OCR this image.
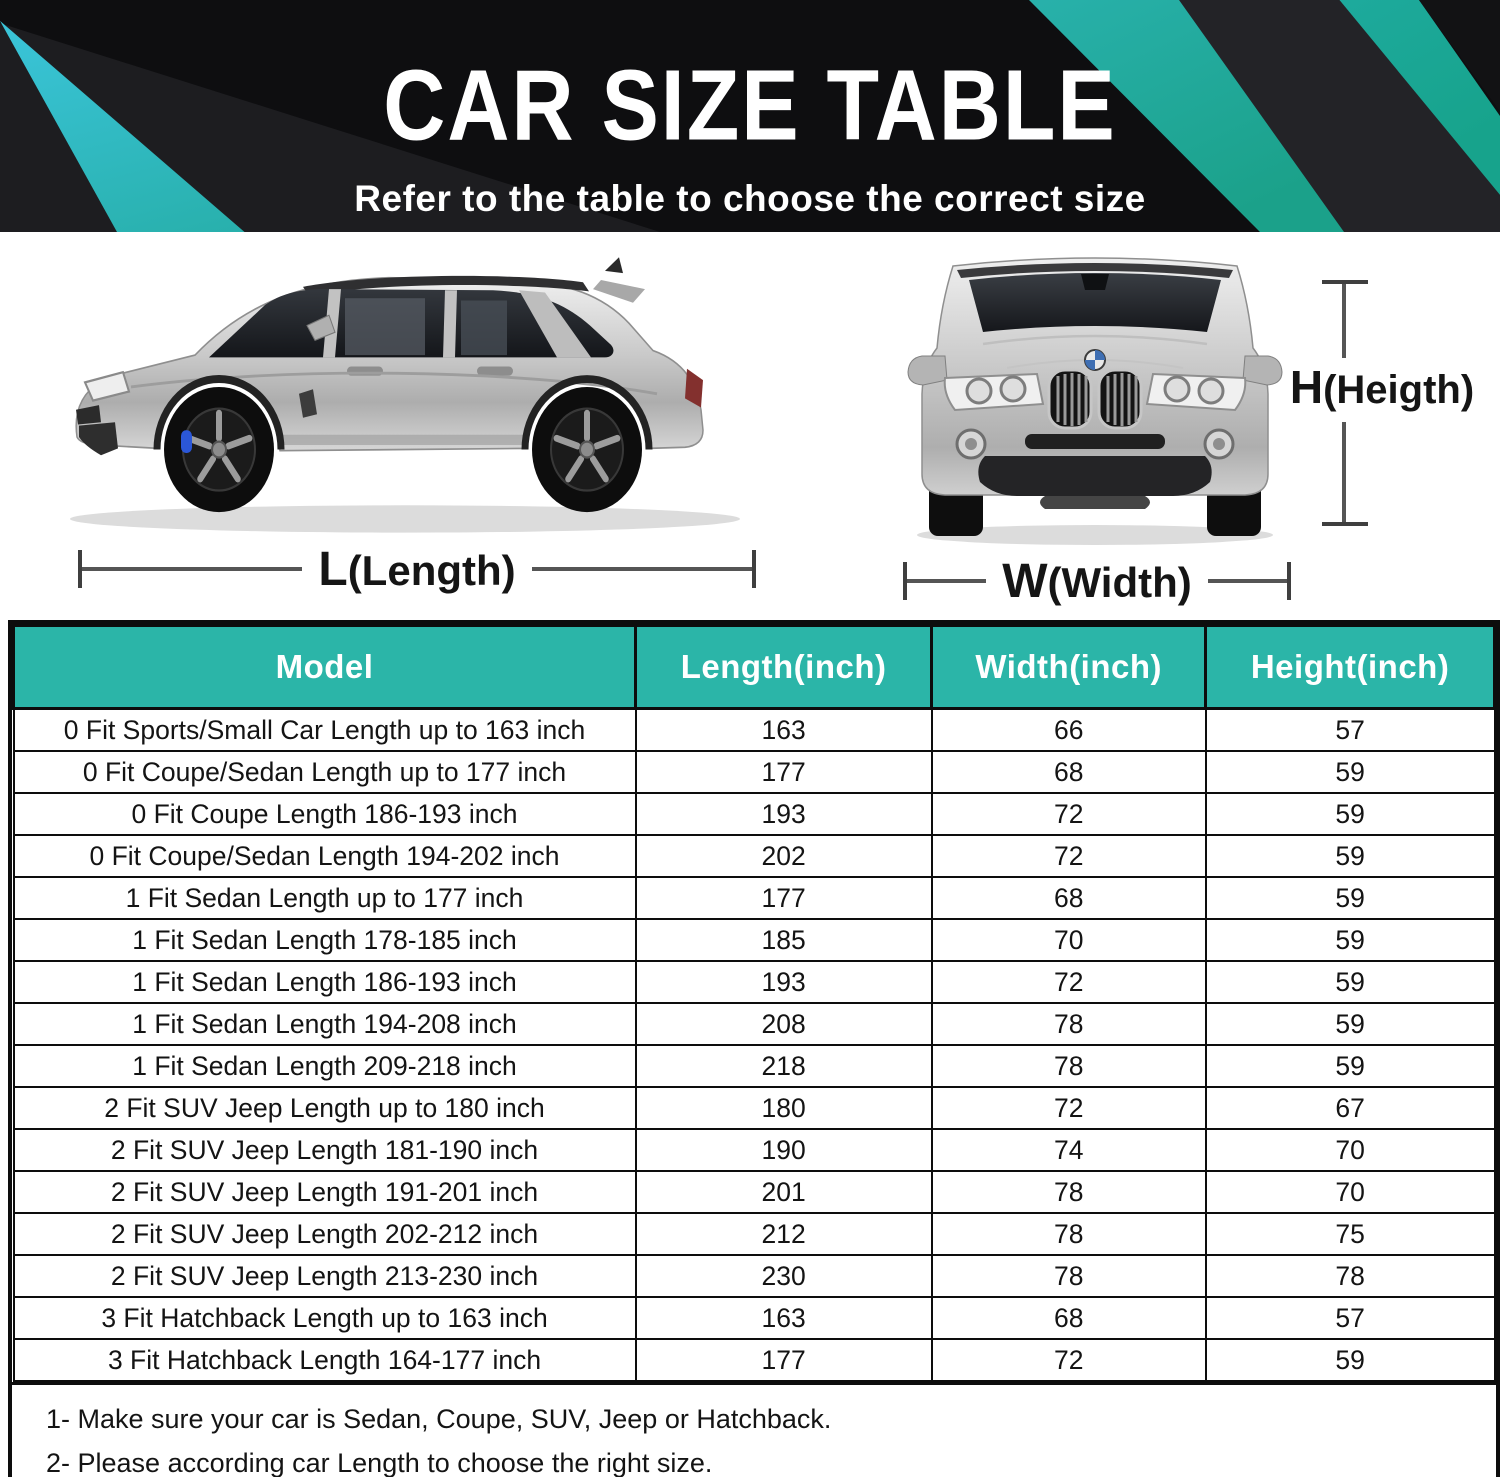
CAR SIZE TABLE
Refer to the table to choose the correct size
L(Length)	W(Width)
H(Heigth)
Model	Length(inch)	Width(inch)	Height(inch)
0 Fit Sports/Small Car Length up to 163 inch	163	66	57
0 Fit Coupe/Sedan Length up to 177 inch	177	68	59
0 Fit Coupe Length 186-193 inch	193	72	59
0 Fit Coupe/Sedan Length 194-202 inch	202	72	59
1 Fit Sedan Length up to 177 inch	177	68	59
1 Fit Sedan Length 178-185 inch	185	70	59
1 Fit Sedan Length 186-193 inch	193	72	59
1 Fit Sedan Length 194-208 inch	208	78	59
1 Fit Sedan Length 209-218 inch	218	78	59
2 Fit SUV Jeep Length up to 180 inch	180	72	67
2 Fit SUV Jeep Length 181-190 inch	190	74	70
2 Fit SUV Jeep Length 191-201 inch	201	78	70
2 Fit SUV Jeep Length 202-212 inch	212	78	75
2 Fit SUV Jeep Length 213-230 inch	230	78	78
3 Fit Hatchback Length up to 163 inch	163	68	57
3 Fit Hatchback Length 164-177 inch	177	72	59

1- Make sure your car is Sedan, Coupe, SUV, Jeep or Hatchback.

2- Please according car Length to choose the right size.
